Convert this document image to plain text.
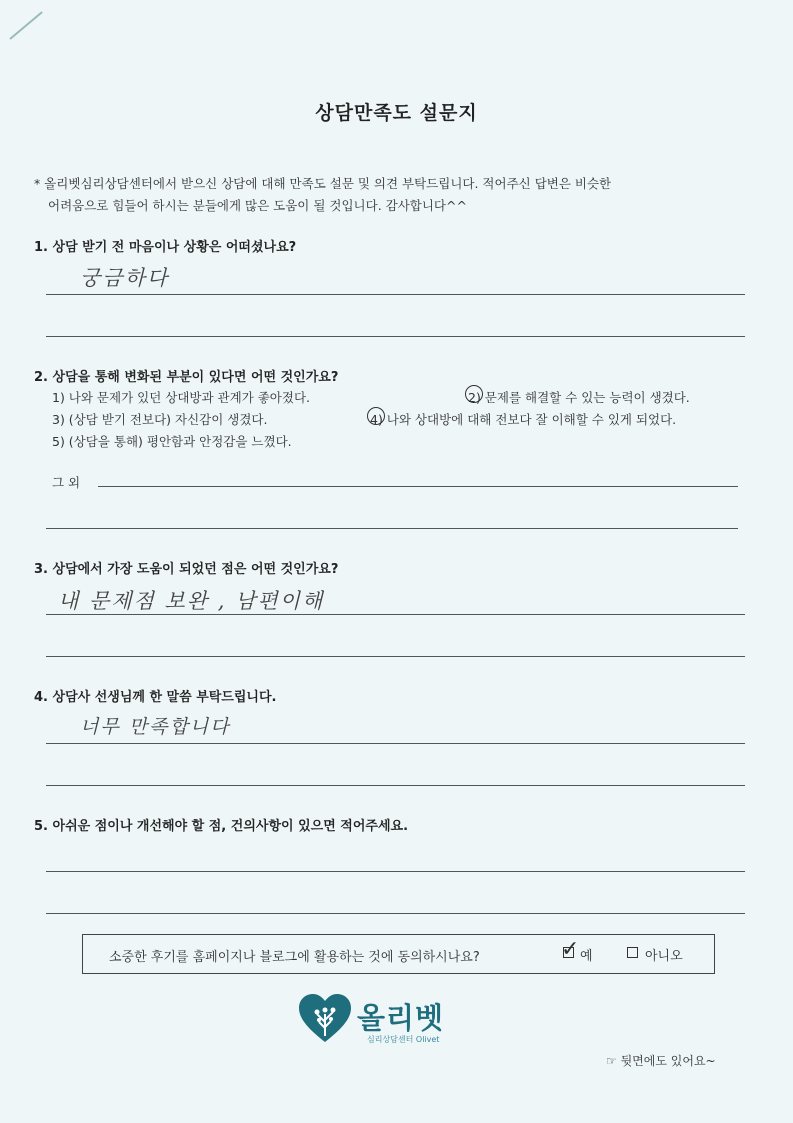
상담만족도 설문지
* 올리벳심리상담센터에서 받으신 상담에 대해 만족도 설문 및 의견 부탁드립니다. 적어주신 답변은 비슷한
어려움으로 힘들어 하시는 분들에게 많은 도움이 될 것입니다. 감사합니다^^
1. 상담 받기 전 마음이나 상황은 어떠셨나요?
궁금하다
2. 상담을 통해 변화된 부분이 있다면 어떤 것인가요?
1) 나와 문제가 있던 상대방과 관계가 좋아졌다.	2) 문제를 해결할 수 있는 능력이 생겼다.
3) (상담 받기 전보다) 자신감이 생겼다.	4) 나와 상대방에 대해 전보다 잘 이해할 수 있게 되었다.
5) (상담을 통해) 평안함과 안정감을 느꼈다.
그 외
3. 상담에서 가장 도움이 되었던 점은 어떤 것인가요?
내 문제점 보완 , 남편이해
4. 상담사 선생님께 한 말씀 부탁드립니다.
너무 만족합니다
5. 아쉬운 점이나 개선해야 할 점, 건의사항이 있으면 적어주세요.
소중한 후기를 홈페이지나 블로그에 활용하는 것에 동의하시나요?	✓ 예	아니오
올리벳
심리상담센터 Olivet
☞ 뒷면에도 있어요~
